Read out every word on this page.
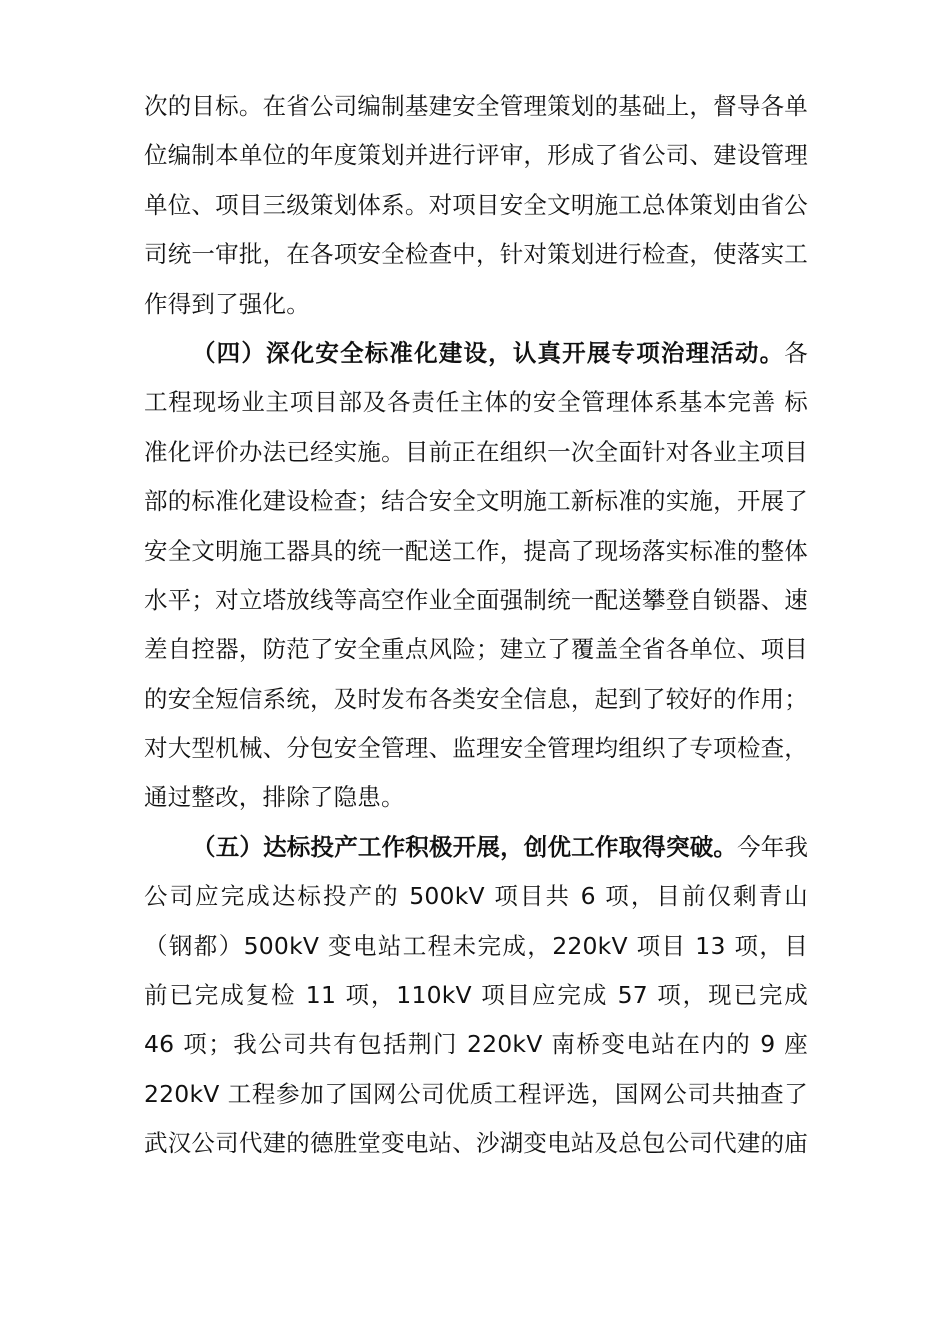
次的目标。在省公司编制基建安全管理策划的基础上，督导各单
位编制本单位的年度策划并进行评审，形成了省公司、建设管理
单位、项目三级策划体系。对项目安全文明施工总体策划由省公
司统一审批，在各项安全检查中，针对策划进行检查，使落实工
作得到了强化。
（四）深化安全标准化建设，认真开展专项治理活动。各
工程现场业主项目部及各责任主体的安全管理体系基本完善 标
准化评价办法已经实施。目前正在组织一次全面针对各业主项目
部的标准化建设检查；结合安全文明施工新标准的实施，开展了
安全文明施工器具的统一配送工作，提高了现场落实标准的整体
水平；对立塔放线等高空作业全面强制统一配送攀登自锁器、速
差自控器，防范了安全重点风险；建立了覆盖全省各单位、项目
的安全短信系统，及时发布各类安全信息，起到了较好的作用；
对大型机械、分包安全管理、监理安全管理均组织了专项检查，
通过整改，排除了隐患。
（五）达标投产工作积极开展，创优工作取得突破。今年我
公司应完成达标投产的 500kV 项目共 6 项，目前仅剩青山
（钢都）500kV 变电站工程未完成，220kV 项目 13 项，目
前已完成复检 11 项，110kV 项目应完成 57 项，现已完成
46 项；我公司共有包括荆门 220kV 南桥变电站在内的 9 座
220kV 工程参加了国网公司优质工程评选，国网公司共抽查了
武汉公司代建的德胜堂变电站、沙湖变电站及总包公司代建的庙
